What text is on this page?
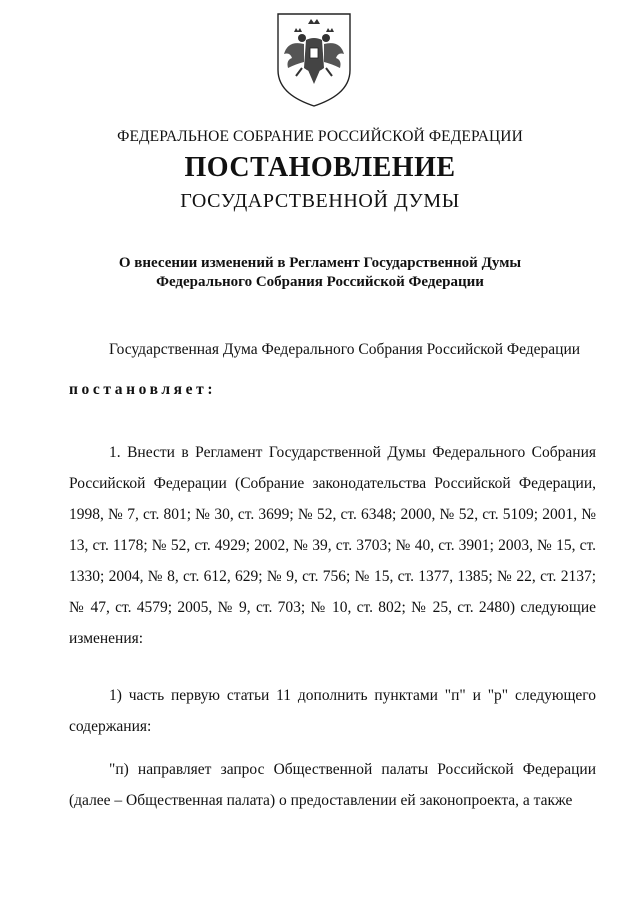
ФЕДЕРАЛЬНОЕ СОБРАНИЕ РОССИЙСКОЙ ФЕДЕРАЦИИ
ПОСТАНОВЛЕНИЕ
ГОСУДАРСТВЕННОЙ ДУМЫ
О внесении изменений в Регламент Государственной Думы
Федерального Собрания Российской Федерации

Государственная Дума Федерального Собрания Российской Федерации

постановляет:

1. Внести в Регламент Государственной Думы Федерального Собрания Российской Федерации (Собрание законодательства Российской Федерации, 1998, № 7, ст. 801; № 30, ст. 3699; № 52, ст. 6348; 2000, № 52, ст. 5109; 2001, № 13, ст. 1178; № 52, ст. 4929; 2002, № 39, ст. 3703; № 40, ст. 3901; 2003, № 15, ст. 1330; 2004, № 8, ст. 612, 629; № 9, ст. 756; № 15, ст. 1377, 1385; № 22, ст. 2137; № 47, ст. 4579; 2005, № 9, ст. 703; № 10, ст. 802; № 25, ст. 2480) следующие изменения:

1) часть первую статьи 11 дополнить пунктами "п" и "р" следующего содержания:

"п) направляет запрос Общественной палаты Российской Федерации (далее – Общественная палата) о предоставлении ей законопроекта, а также
